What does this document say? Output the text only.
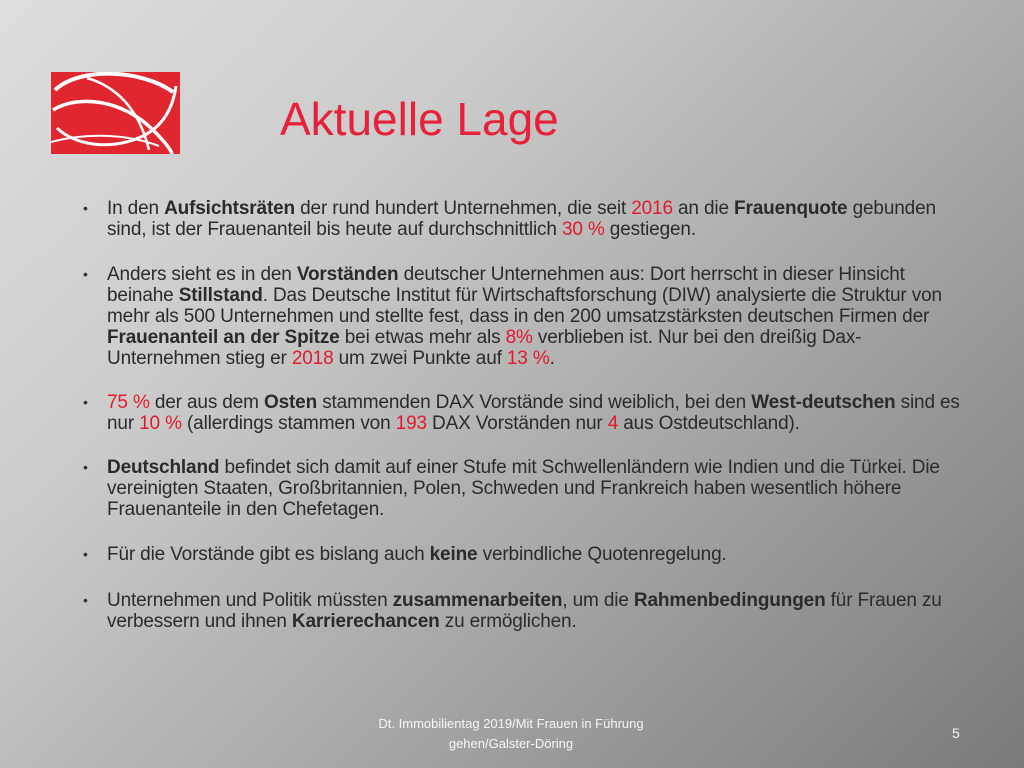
Aktuelle Lage
• In den Aufsichtsräten der rund hundert Unternehmen, die seit 2016 an die Frauenquote gebunden sind, ist der Frauenanteil bis heute auf durchschnittlich 30 % gestiegen.
• Anders sieht es in den Vorständen deutscher Unternehmen aus: Dort herrscht in dieser Hinsicht beinahe Stillstand. Das Deutsche Institut für Wirtschaftsforschung (DIW) analysierte die Struktur von mehr als 500 Unternehmen und stellte fest, dass in den 200 umsatzstärksten deutschen Firmen der Frauenanteil an der Spitze bei etwas mehr als 8% verblieben ist. Nur bei den dreißig Dax-Unternehmen stieg er 2018 um zwei Punkte auf 13 %.
• 75 % der aus dem Osten stammenden DAX Vorstände sind weiblich, bei den West-deutschen sind es nur 10 % (allerdings stammen von 193 DAX Vorständen nur 4 aus Ostdeutschland).
• Deutschland befindet sich damit auf einer Stufe mit Schwellenländern wie Indien und die Türkei. Die vereinigten Staaten, Großbritannien, Polen, Schweden und Frankreich haben wesentlich höhere Frauenanteile in den Chefetagen.
• Für die Vorstände gibt es bislang auch keine verbindliche Quotenregelung.
• Unternehmen und Politik müssten zusammenarbeiten, um die Rahmenbedingungen für Frauen zu verbessern und ihnen Karrierechancen zu ermöglichen.
Dt. Immobilientag 2019/Mit Frauen in Führung
gehen/Galster-Döring
5
